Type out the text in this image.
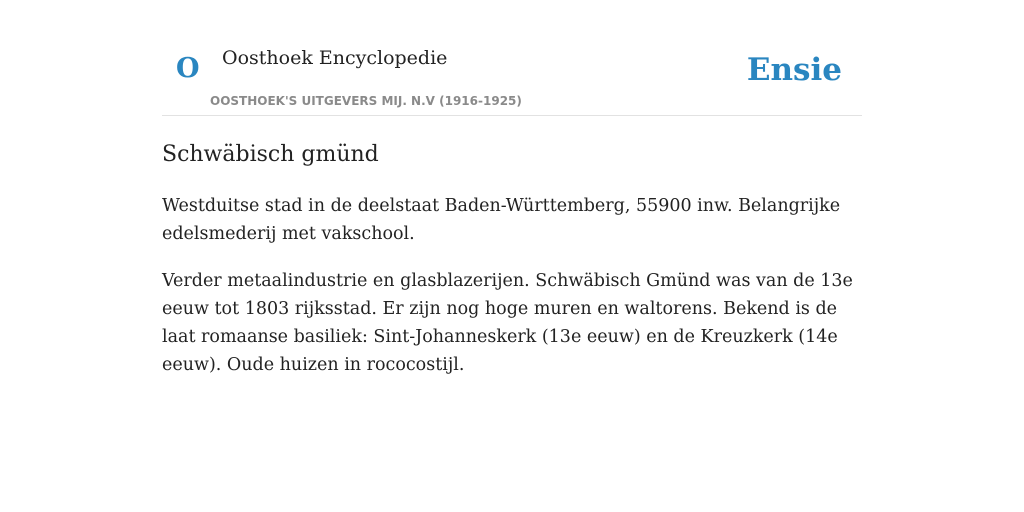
O Oosthoek Encyclopedie
OOSTHOEK'S UITGEVERS MIJ. N.V (1916-1925)
Ensie
Schwäbisch gmünd

Westduitse stad in de deelstaat Baden-Württemberg, 55900 inw. Belangrijke edelsmederij met vakschool.

Verder metaalindustrie en glasblazerijen. Schwäbisch Gmünd was van de 13e eeuw tot 1803 rijksstad. Er zijn nog hoge muren en waltorens. Bekend is de laat romaanse basiliek: Sint-Johanneskerk (13e eeuw) en de Kreuzkerk (14e eeuw). Oude huizen in rococostijl.
